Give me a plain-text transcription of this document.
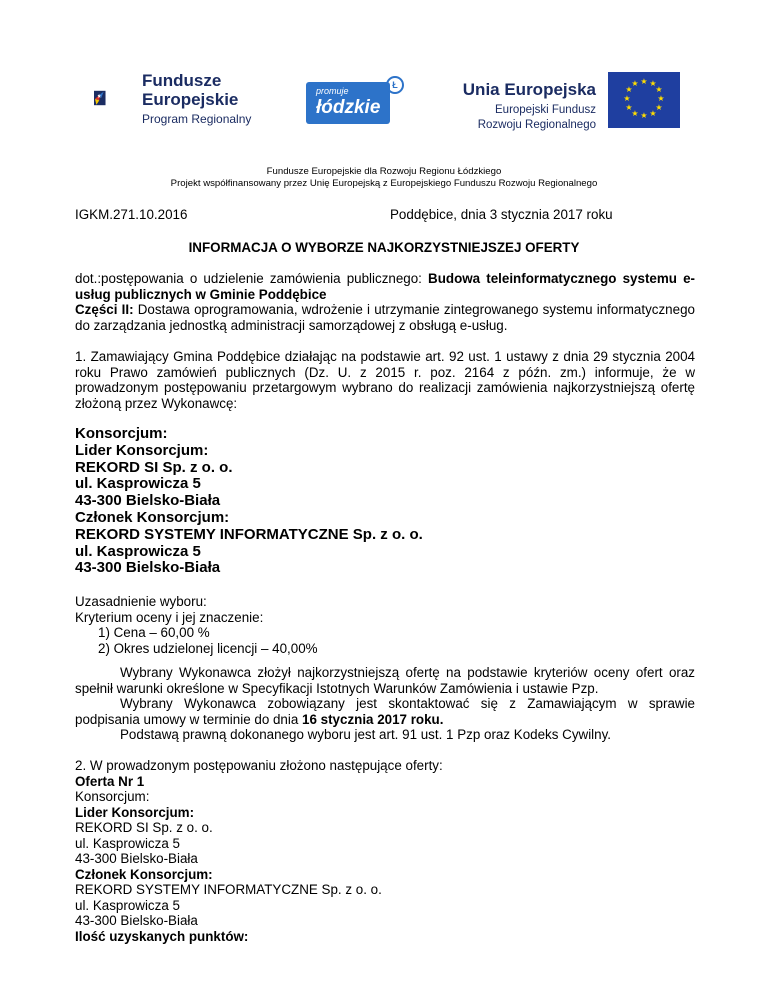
Fundusze
Europejskie
Program Regionalny
promuje
łódzkie
Ł	Unia Europejska
Europejski Fundusz
Rozwoju Regionalnego
★ ★
★
★
★
★
★
★
★
★
★
★
Fundusze Europejskie dla Rozwoju Regionu Łódzkiego
Projekt współfinansowany przez Unię Europejską z Europejskiego Funduszu Rozwoju Regionalnego
IGKM.271.10.2016	Poddębice, dnia 3 stycznia 2017 roku
INFORMACJA O WYBORZE NAJKORZYSTNIEJSZEJ OFERTY
dot.:postępowania o udzielenie zamówienia publicznego: Budowa teleinformatycznego systemu e-usług publicznych w Gminie Poddębice
Części II: Dostawa oprogramowania, wdrożenie i utrzymanie zintegrowanego systemu informatycznego do zarządzania jednostką administracji samorządowej z obsługą e-usług.
1. Zamawiający Gmina Poddębice działając na podstawie art. 92 ust. 1 ustawy z dnia 29 stycznia 2004 roku Prawo zamówień publicznych (Dz. U. z 2015 r. poz. 2164 z późn. zm.) informuje, że w prowadzonym postępowaniu przetargowym wybrano do realizacji zamówienia najkorzystniejszą ofertę złożoną przez Wykonawcę:
Konsorcjum:
Lider Konsorcjum:
REKORD SI Sp. z o. o.
ul. Kasprowicza 5
43-300 Bielsko-Biała
Członek Konsorcjum:
REKORD SYSTEMY INFORMATYCZNE Sp. z o. o.
ul. Kasprowicza 5
43-300 Bielsko-Biała
Uzasadnienie wyboru:
Kryterium oceny i jej znaczenie:
1) Cena – 60,00 %
2) Okres udzielonej licencji – 40,00%
Wybrany Wykonawca złożył najkorzystniejszą ofertę na podstawie kryteriów oceny ofert oraz spełnił warunki określone w Specyfikacji Istotnych Warunków Zamówienia i ustawie Pzp.
Wybrany Wykonawca zobowiązany jest skontaktować się z Zamawiającym w sprawie podpisania umowy w terminie do dnia 16 stycznia 2017 roku.
Podstawą prawną dokonanego wyboru jest art. 91 ust. 1 Pzp oraz Kodeks Cywilny.
2. W prowadzonym postępowaniu złożono następujące oferty:
Oferta Nr 1
Konsorcjum:
Lider Konsorcjum:
REKORD SI Sp. z o. o.
ul. Kasprowicza 5
43-300 Bielsko-Biała
Członek Konsorcjum:
REKORD SYSTEMY INFORMATYCZNE Sp. z o. o.
ul. Kasprowicza 5
43-300 Bielsko-Biała
Ilość uzyskanych punktów:
